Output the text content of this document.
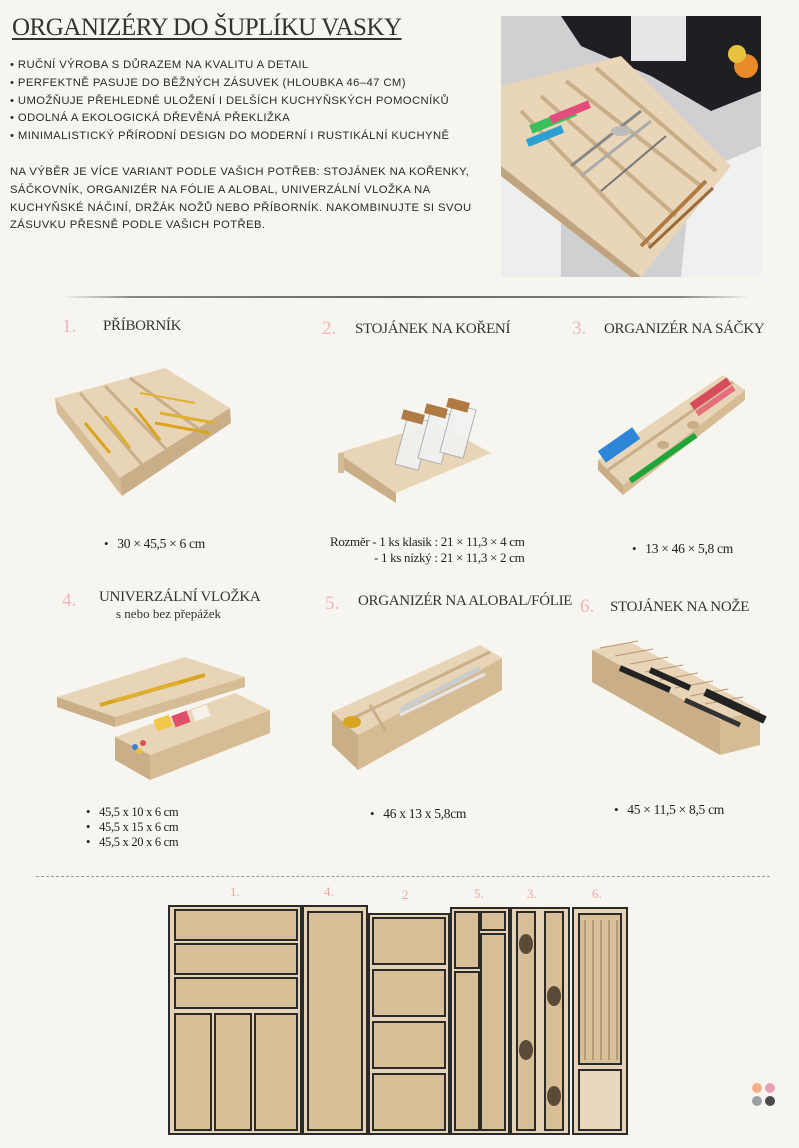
ORGANIZÉRY DO ŠUPLÍKU VASKY
• RUČNÍ VÝROBA S DŮRAZEM NA KVALITU A DETAIL
• PERFEKTNĚ PASUJE DO BĚŽNÝCH ZÁSUVEK (HLOUBKA 46–47 CM)
• UMOŽŇUJE PŘEHLEDNÉ ULOŽENÍ I DELŠÍCH KUCHYŇSKÝCH POMOCNÍKŮ
• ODOLNÁ A EKOLOGICKÁ DŘEVĚNÁ PŘEKLIŽKA
• MINIMALISTICKÝ PŘÍRODNÍ DESIGN DO MODERNÍ I RUSTIKÁLNÍ KUCHYNĚ

NA VÝBĚR JE VÍCE VARIANT PODLE VAŠICH POTŘEB: STOJÁNEK NA KOŘENKY, SÁČKOVNÍK, ORGANIZÉR NA FÓLIE A ALOBAL, UNIVERZÁLNÍ VLOŽKA NA KUCHYŇSKÉ NÁČINÍ, DRŽÁK NOŽŮ NEBO PŘÍBORNÍK. NAKOMBINUJTE SI SVOU ZÁSUVKU PŘESNĚ PODLE VAŠICH POTŘEB.

1. PŘÍBORNÍK
• 30 × 45,5 × 6 cm
2. STOJÁNEK NA KOŘENÍ
Rozměr - 1 ks klasik : 21 × 11,3 × 4 cm
- 1 ks nízký : 21 × 11,3 × 2 cm
3. ORGANIZÉR NA SÁČKY
• 13 × 46 × 5,8 cm
4. UNIVERZÁLNÍ VLOŽKA
s nebo bez přepážek
• 45,5 x 10 x 6 cm
• 45,5 x 15 x 6 cm
• 45,5 x 20 x 6 cm
5. ORGANIZÉR NA ALOBAL/FÓLIE
• 46 x 13 x 5,8cm
6. STOJÁNEK NA NOŽE
• 45 × 11,5 × 8,5 cm
1.	4.	2	5.	3.	6.
